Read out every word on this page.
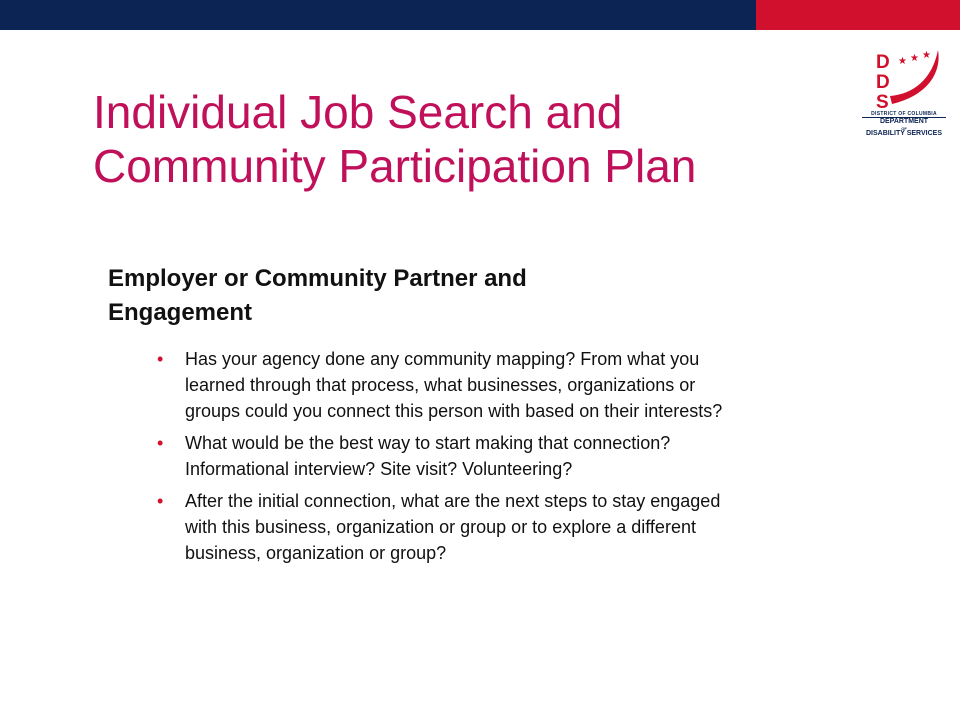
★ ★ ★
D
D
S
DISTRICT OF COLUMBIA
DEPARTMENT
OF
DISABILITY SERVICES
Individual Job Search and
Community Participation Plan
Employer or Community Partner and
Engagement
• Has your agency done any community mapping? From what you
learned through that process, what businesses, organizations or
groups could you connect this person with based on their interests?
• What would be the best way to start making that connection?
Informational interview? Site visit? Volunteering?
• After the initial connection, what are the next steps to stay engaged
with this business, organization or group or to explore a different
business, organization or group?
